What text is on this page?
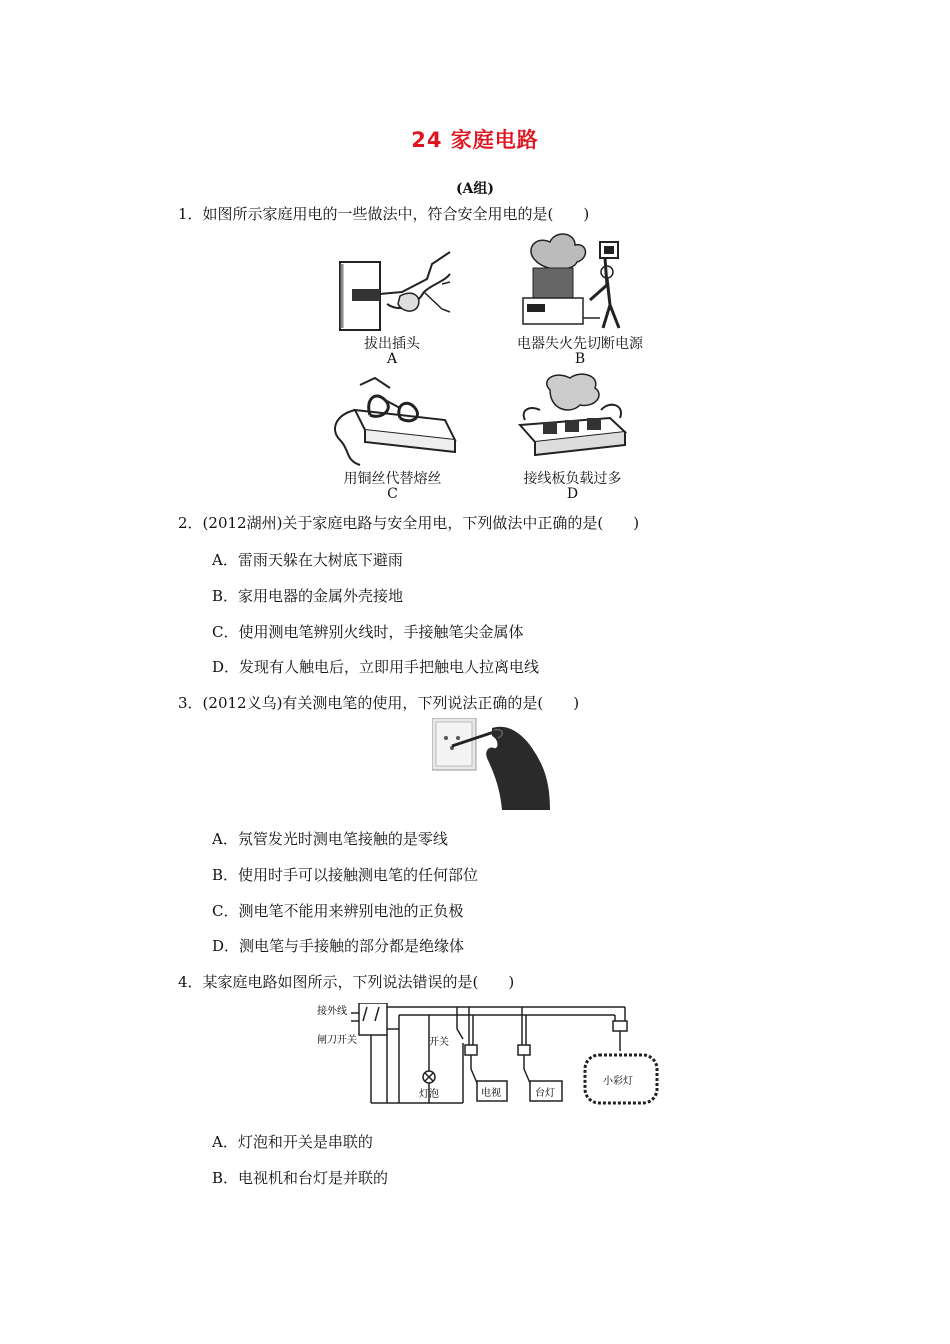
24 家庭电路
(A组)
1．如图所示家庭用电的一些做法中，符合安全用电的是(　　)
拔出插头
A
电器失火先切断电源
B
用铜丝代替熔丝
C
接线板负载过多
D
2．(2012湖州)关于家庭电路与安全用电，下列做法中正确的是(　　)
A．雷雨天躲在大树底下避雨
B．家用电器的金属外壳接地
C．使用测电笔辨别火线时，手接触笔尖金属体
D．发现有人触电后，立即用手把触电人拉离电线
3．(2012义乌)有关测电笔的使用，下列说法正确的是(　　)
A．氖管发光时测电笔接触的是零线
B．使用时手可以接触测电笔的任何部位
C．测电笔不能用来辨别电池的正负极
D．测电笔与手接触的部分都是绝缘体
4．某家庭电路如图所示，下列说法错误的是(　　)
接外线
闸刀开关	开关
灯泡	电视	台灯
小彩灯
A．灯泡和开关是串联的
B．电视机和台灯是并联的
